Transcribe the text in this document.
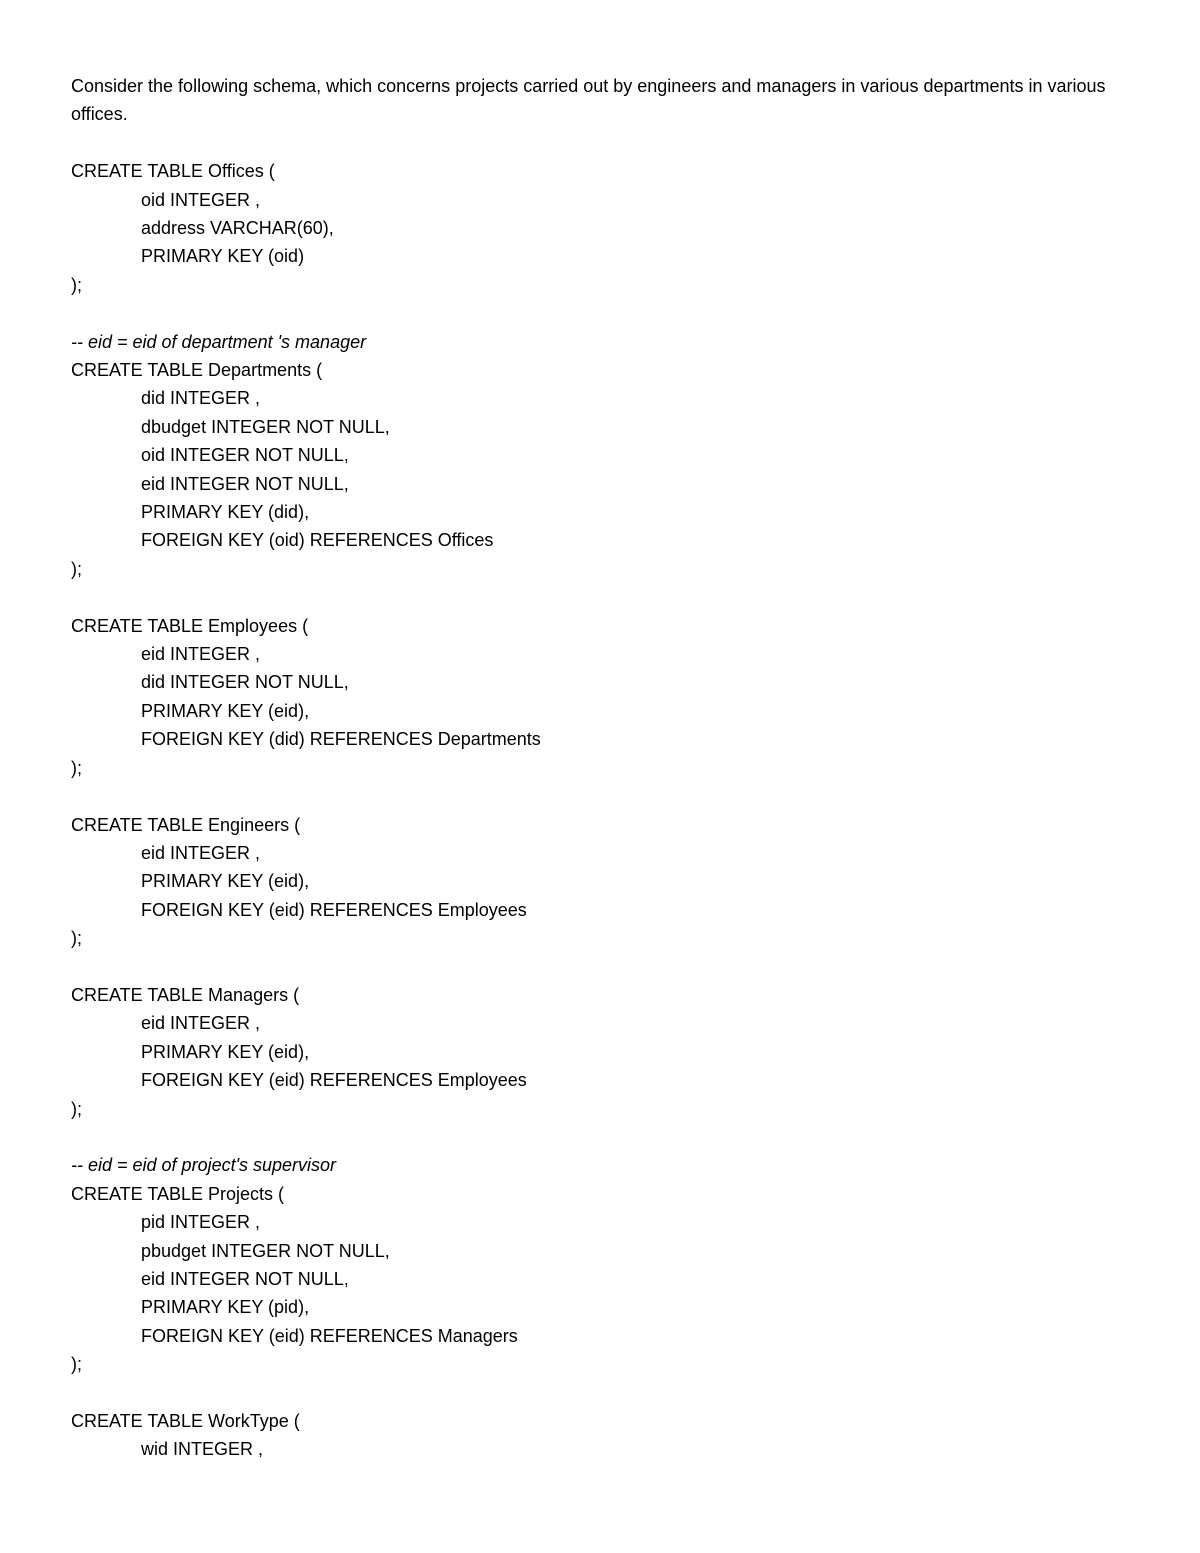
Consider the following schema, which concerns projects carried out by engineers and managers in various departments in various offices.

CREATE TABLE Offices (
oid INTEGER ,
address VARCHAR(60),
PRIMARY KEY (oid)
);
-- eid = eid of department 's manager
CREATE TABLE Departments (
did INTEGER ,
dbudget INTEGER NOT NULL,
oid INTEGER NOT NULL,
eid INTEGER NOT NULL,
PRIMARY KEY (did),
FOREIGN KEY (oid) REFERENCES Offices
);
CREATE TABLE Employees (
eid INTEGER ,
did INTEGER NOT NULL,
PRIMARY KEY (eid),
FOREIGN KEY (did) REFERENCES Departments
);
CREATE TABLE Engineers (
eid INTEGER ,
PRIMARY KEY (eid),
FOREIGN KEY (eid) REFERENCES Employees
);
CREATE TABLE Managers (
eid INTEGER ,
PRIMARY KEY (eid),
FOREIGN KEY (eid) REFERENCES Employees
);
-- eid = eid of project's supervisor
CREATE TABLE Projects (
pid INTEGER ,
pbudget INTEGER NOT NULL,
eid INTEGER NOT NULL,
PRIMARY KEY (pid),
FOREIGN KEY (eid) REFERENCES Managers
);
CREATE TABLE WorkType (
wid INTEGER ,
